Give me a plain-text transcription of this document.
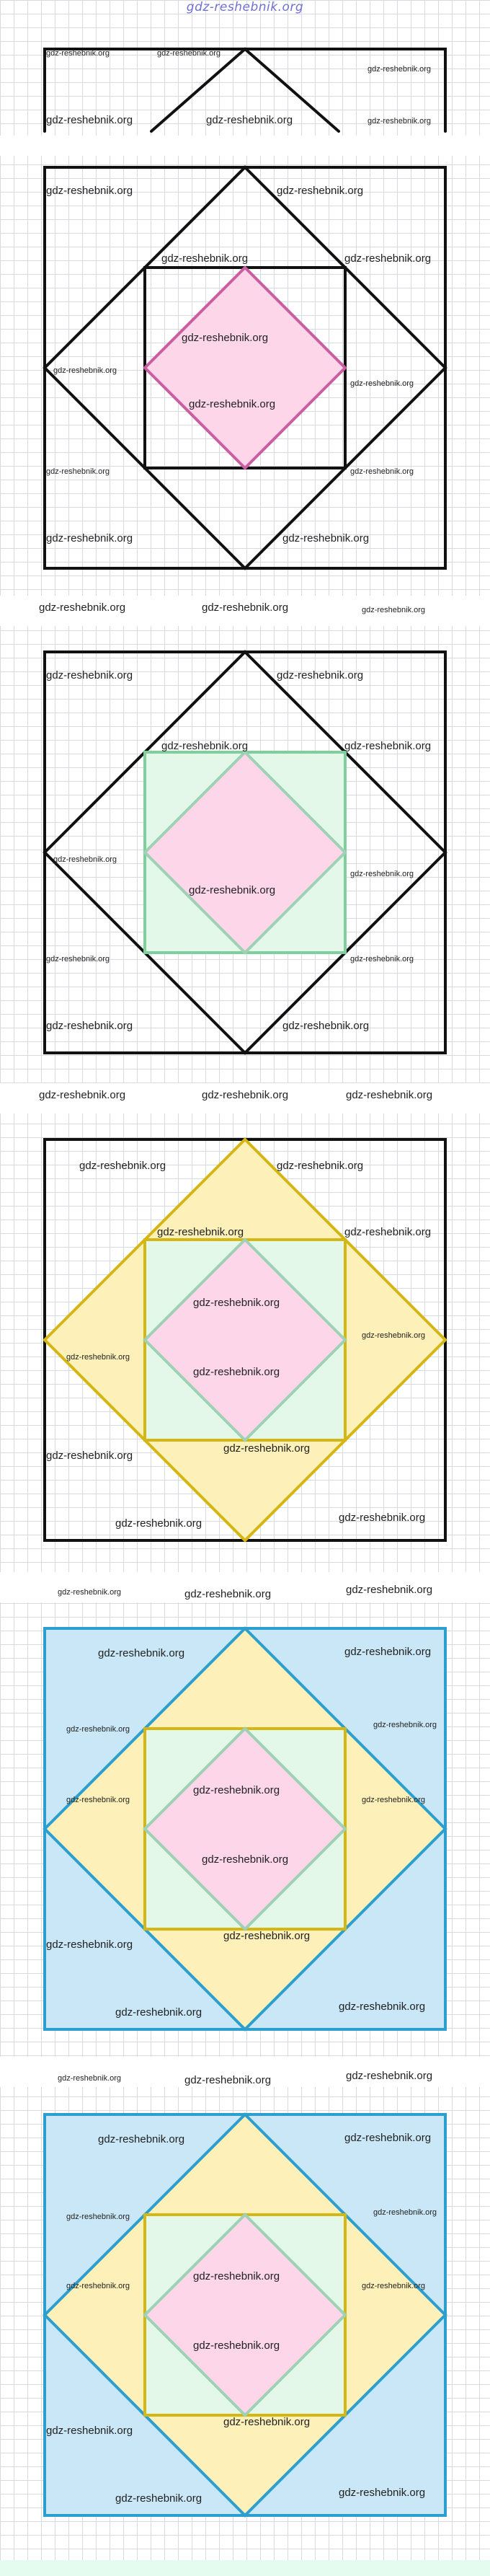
gdz-reshebnik.org
gdz-reshebnik.org	gdz-reshebnik.org
gdz-reshebnik.org
gdz-reshebnik.org	gdz-reshebnik.org	gdz-reshebnik.org
gdz-reshebnik.org	gdz-reshebnik.org
gdz-reshebnik.org	gdz-reshebnik.org
gdz-reshebnik.org
gdz-reshebnik.org
gdz-reshebnik.org
gdz-reshebnik.org
gdz-reshebnik.org	gdz-reshebnik.org
gdz-reshebnik.org	gdz-reshebnik.org
gdz-reshebnik.org	gdz-reshebnik.org	gdz-reshebnik.org
gdz-reshebnik.org	gdz-reshebnik.org
gdz-reshebnik.org	gdz-reshebnik.org
gdz-reshebnik.org
gdz-reshebnik.org
gdz-reshebnik.org
gdz-reshebnik.org	gdz-reshebnik.org
gdz-reshebnik.org	gdz-reshebnik.org
gdz-reshebnik.org	gdz-reshebnik.org	gdz-reshebnik.org
gdz-reshebnik.org	gdz-reshebnik.org
gdz-reshebnik.org	gdz-reshebnik.org
gdz-reshebnik.org
gdz-reshebnik.org
gdz-reshebnik.org
gdz-reshebnik.org
gdz-reshebnik.org
gdz-reshebnik.org
gdz-reshebnik.org	gdz-reshebnik.org
gdz-reshebnik.org	gdz-reshebnik.org	gdz-reshebnik.org
gdz-reshebnik.org	gdz-reshebnik.org
gdz-reshebnik.org	gdz-reshebnik.org
gdz-reshebnik.org	gdz-reshebnik.org
gdz-reshebnik.org
gdz-reshebnik.org
gdz-reshebnik.org
gdz-reshebnik.org
gdz-reshebnik.org	gdz-reshebnik.org
gdz-reshebnik.org	gdz-reshebnik.org	gdz-reshebnik.org
gdz-reshebnik.org	gdz-reshebnik.org
gdz-reshebnik.org	gdz-reshebnik.org
gdz-reshebnik.org
gdz-reshebnik.org	gdz-reshebnik.org
gdz-reshebnik.org
gdz-reshebnik.org
gdz-reshebnik.org
gdz-reshebnik.org	gdz-reshebnik.org
